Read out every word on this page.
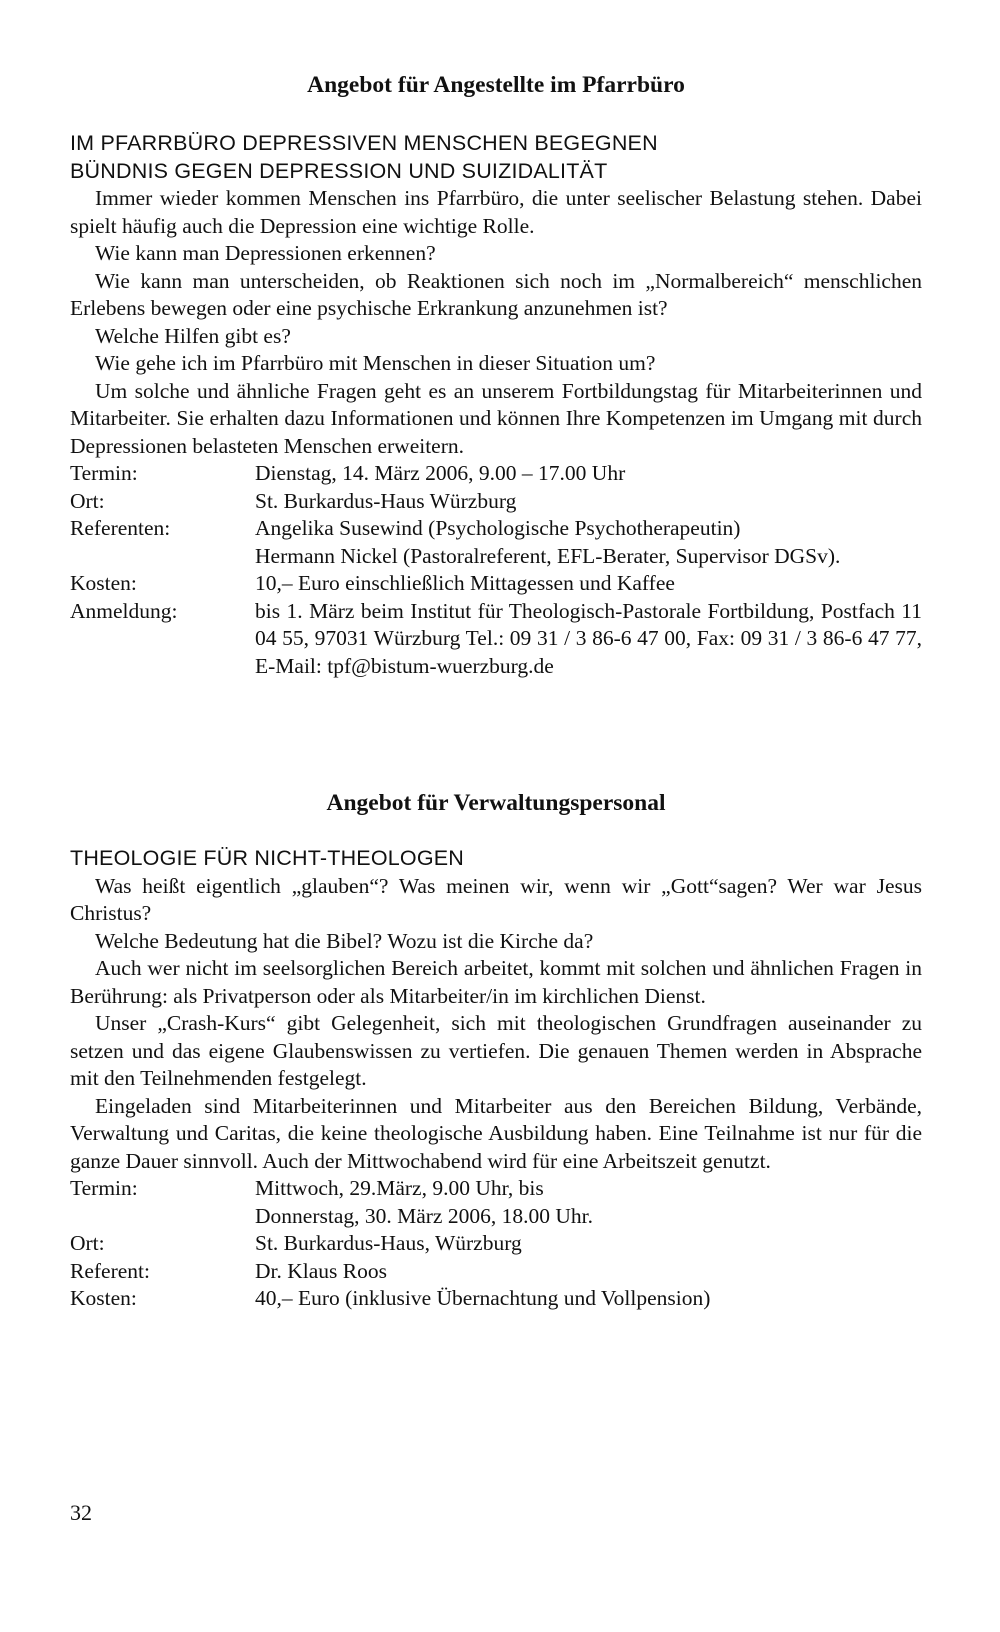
Angebot für Angestellte im Pfarrbüro

IM PFARRBÜRO DEPRESSIVEN MENSCHEN BEGEGNEN

BÜNDNIS GEGEN DEPRESSION UND SUIZIDALITÄT

Immer wieder kommen Menschen ins Pfarrbüro, die unter seelischer Belastung stehen. Dabei spielt häufig auch die Depression eine wichtige Rolle.

Wie kann man Depressionen erkennen?

Wie kann man unterscheiden, ob Reaktionen sich noch im „Normalbereich“ menschlichen Erlebens bewegen oder eine psychische Erkrankung anzunehmen ist?

Welche Hilfen gibt es?

Wie gehe ich im Pfarrbüro mit Menschen in dieser Situation um?

Um solche und ähnliche Fragen geht es an unserem Fortbildungstag für Mitarbeiterinnen und Mitarbeiter. Sie erhalten dazu Informationen und können Ihre Kompetenzen im Umgang mit durch Depressionen belasteten Menschen erweitern.

Termin:	Dienstag, 14. März 2006, 9.00 – 17.00 Uhr
Ort:	St. Burkardus-Haus Würzburg
Referenten:	Angelika Susewind (Psychologische Psychotherapeutin)
Hermann Nickel (Pastoralreferent, EFL-Berater, Supervisor DGSv).
Kosten:	10,– Euro einschließlich Mittagessen und Kaffee
Anmeldung:	bis 1. März beim Institut für Theologisch-Pastorale Fortbildung, Postfach 11 04 55, 97031 Würzburg Tel.: 09 31 / 3 86-6 47 00, Fax: 09 31 / 3 86-6 47 77, E-Mail: tpf@bistum-wuerzburg.de
Angebot für Verwaltungspersonal

THEOLOGIE FÜR NICHT-THEOLOGEN

Was heißt eigentlich „glauben“? Was meinen wir, wenn wir „Gott“sagen? Wer war Jesus Christus?

Welche Bedeutung hat die Bibel? Wozu ist die Kirche da?

Auch wer nicht im seelsorglichen Bereich arbeitet, kommt mit solchen und ähnlichen Fragen in Berührung: als Privatperson oder als Mitarbeiter/in im kirchlichen Dienst.

Unser „Crash-Kurs“ gibt Gelegenheit, sich mit theologischen Grundfragen auseinander zu setzen und das eigene Glaubenswissen zu vertiefen. Die genauen Themen werden in Absprache mit den Teilnehmenden festgelegt.

Eingeladen sind Mitarbeiterinnen und Mitarbeiter aus den Bereichen Bildung, Verbände, Verwaltung und Caritas, die keine theologische Ausbildung haben. Eine Teilnahme ist nur für die ganze Dauer sinnvoll. Auch der Mittwochabend wird für eine Arbeitszeit genutzt.

Termin:	Mittwoch, 29.März, 9.00 Uhr, bis
Donnerstag, 30. März 2006, 18.00 Uhr.
Ort:	St. Burkardus-Haus, Würzburg
Referent:	Dr. Klaus Roos
Kosten:	40,– Euro (inklusive Übernachtung und Vollpension)
32
